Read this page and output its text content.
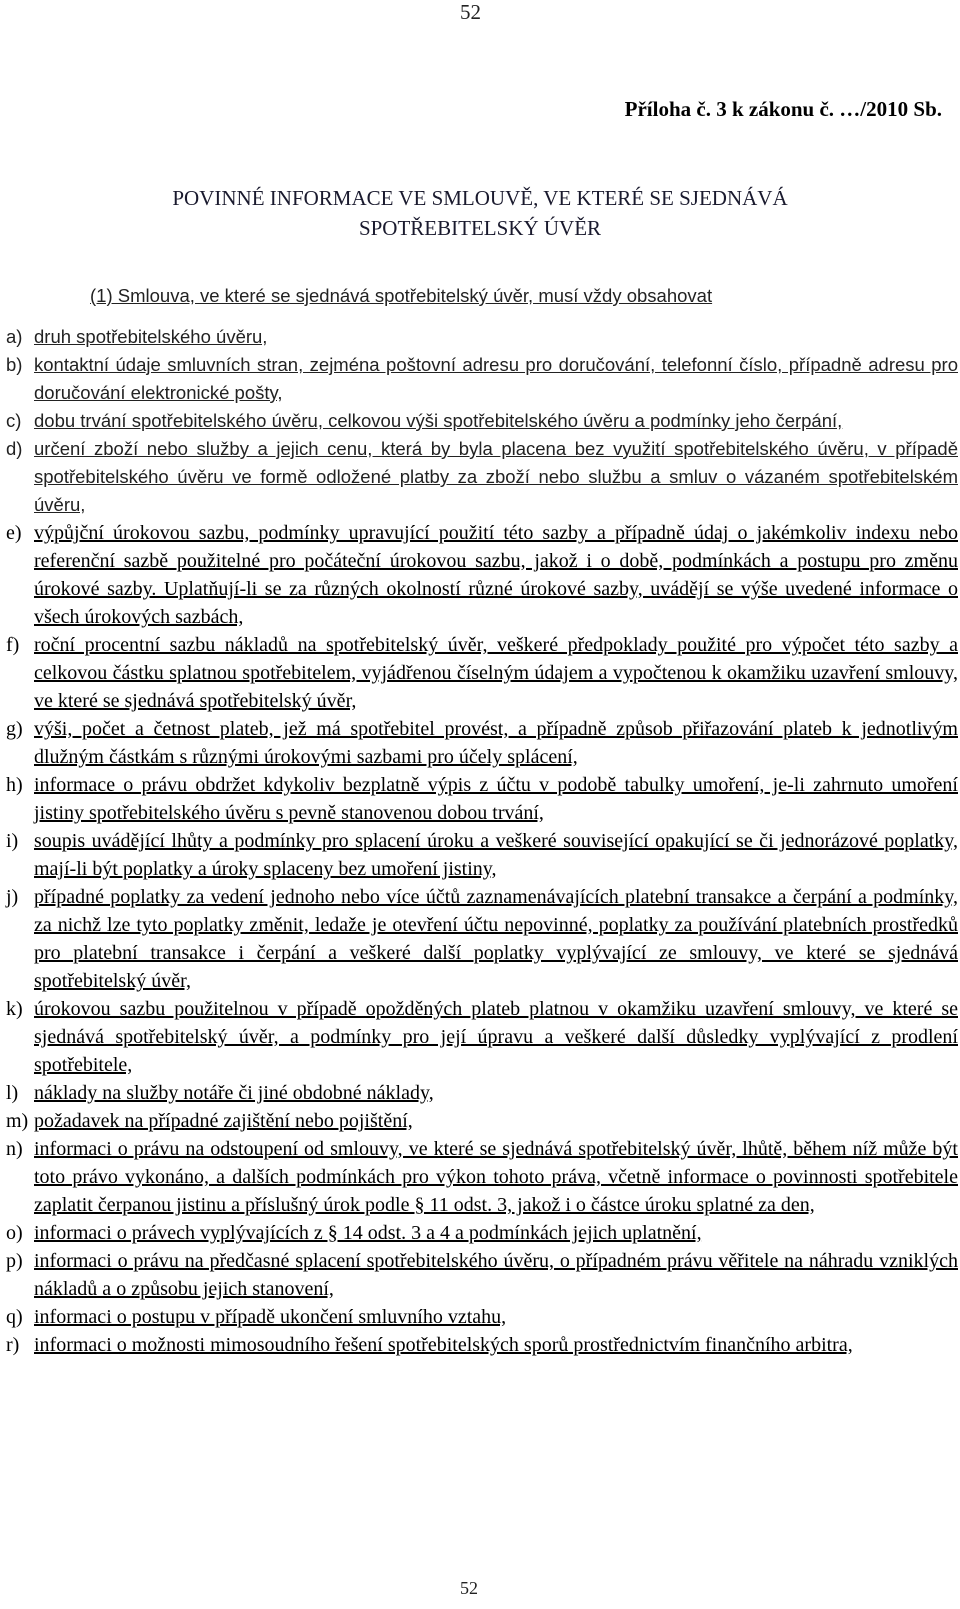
52
Příloha č. 3 k zákonu č. …/2010 Sb.
POVINNÉ INFORMACE VE SMLOUVĚ, VE KTERÉ SE SJEDNÁVÁ
SPOTŘEBITELSKÝ ÚVĚR
(1) Smlouva, ve které se sjednává spotřebitelský úvěr, musí vždy obsahovat
a) druh spotřebitelského úvěru,
b) kontaktní údaje smluvních stran, zejména poštovní adresu pro doručování, telefonní číslo, případně adresu pro doručování elektronické pošty,
c) dobu trvání spotřebitelského úvěru, celkovou výši spotřebitelského úvěru a podmínky jeho čerpání,
d) určení zboží nebo služby a jejich cenu, která by byla placena bez využití spotřebitelského úvěru, v případě spotřebitelského úvěru ve formě odložené platby za zboží nebo službu a smluv o vázaném spotřebitelském úvěru,
e) výpůjční úrokovou sazbu, podmínky upravující použití této sazby a případně údaj o jakémkoliv indexu nebo referenční sazbě použitelné pro počáteční úrokovou sazbu, jakož i o době, podmínkách a postupu pro změnu úrokové sazby. Uplatňují-li se za různých okolností různé úrokové sazby, uvádějí se výše uvedené informace o všech úrokových sazbách,
f) roční procentní sazbu nákladů na spotřebitelský úvěr, veškeré předpoklady použité pro výpočet této sazby a celkovou částku splatnou spotřebitelem, vyjádřenou číselným údajem a vypočtenou k okamžiku uzavření smlouvy, ve které se sjednává spotřebitelský úvěr,
g) výši, počet a četnost plateb, jež má spotřebitel provést, a případně způsob přiřazování plateb k jednotlivým dlužným částkám s různými úrokovými sazbami pro účely splácení,
h) informace o právu obdržet kdykoliv bezplatně výpis z účtu v podobě tabulky umoření, je-li zahrnuto umoření jistiny spotřebitelského úvěru s pevně stanovenou dobou trvání,
i) soupis uvádějící lhůty a podmínky pro splacení úroku a veškeré související opakující se či jednorázové poplatky, mají-li být poplatky a úroky splaceny bez umoření jistiny,
j) případné poplatky za vedení jednoho nebo více účtů zaznamenávajících platební transakce a čerpání a podmínky, za nichž lze tyto poplatky změnit, ledaže je otevření účtu nepovinné, poplatky za používání platebních prostředků pro platební transakce i čerpání a veškeré další poplatky vyplývající ze smlouvy, ve které se sjednává spotřebitelský úvěr,
k) úrokovou sazbu použitelnou v případě opožděných plateb platnou v okamžiku uzavření smlouvy, ve které se sjednává spotřebitelský úvěr, a podmínky pro její úpravu a veškeré další důsledky vyplývající z prodlení spotřebitele,
l) náklady na služby notáře či jiné obdobné náklady,
m) požadavek na případné zajištění nebo pojištění,
n) informaci o právu na odstoupení od smlouvy, ve které se sjednává spotřebitelský úvěr, lhůtě, během níž může být toto právo vykonáno, a dalších podmínkách pro výkon tohoto práva, včetně informace o povinnosti spotřebitele zaplatit čerpanou jistinu a příslušný úrok podle § 11 odst. 3, jakož i o částce úroku splatné za den,
o) informaci o právech vyplývajících z § 14 odst. 3 a 4 a podmínkách jejich uplatnění,
p) informaci o právu na předčasné splacení spotřebitelského úvěru, o případném právu věřitele na náhradu vzniklých nákladů a o způsobu jejich stanovení,
q) informaci o postupu v případě ukončení smluvního vztahu,
r) informaci o možnosti mimosoudního řešení spotřebitelských sporů prostřednictvím finančního arbitra,
52
